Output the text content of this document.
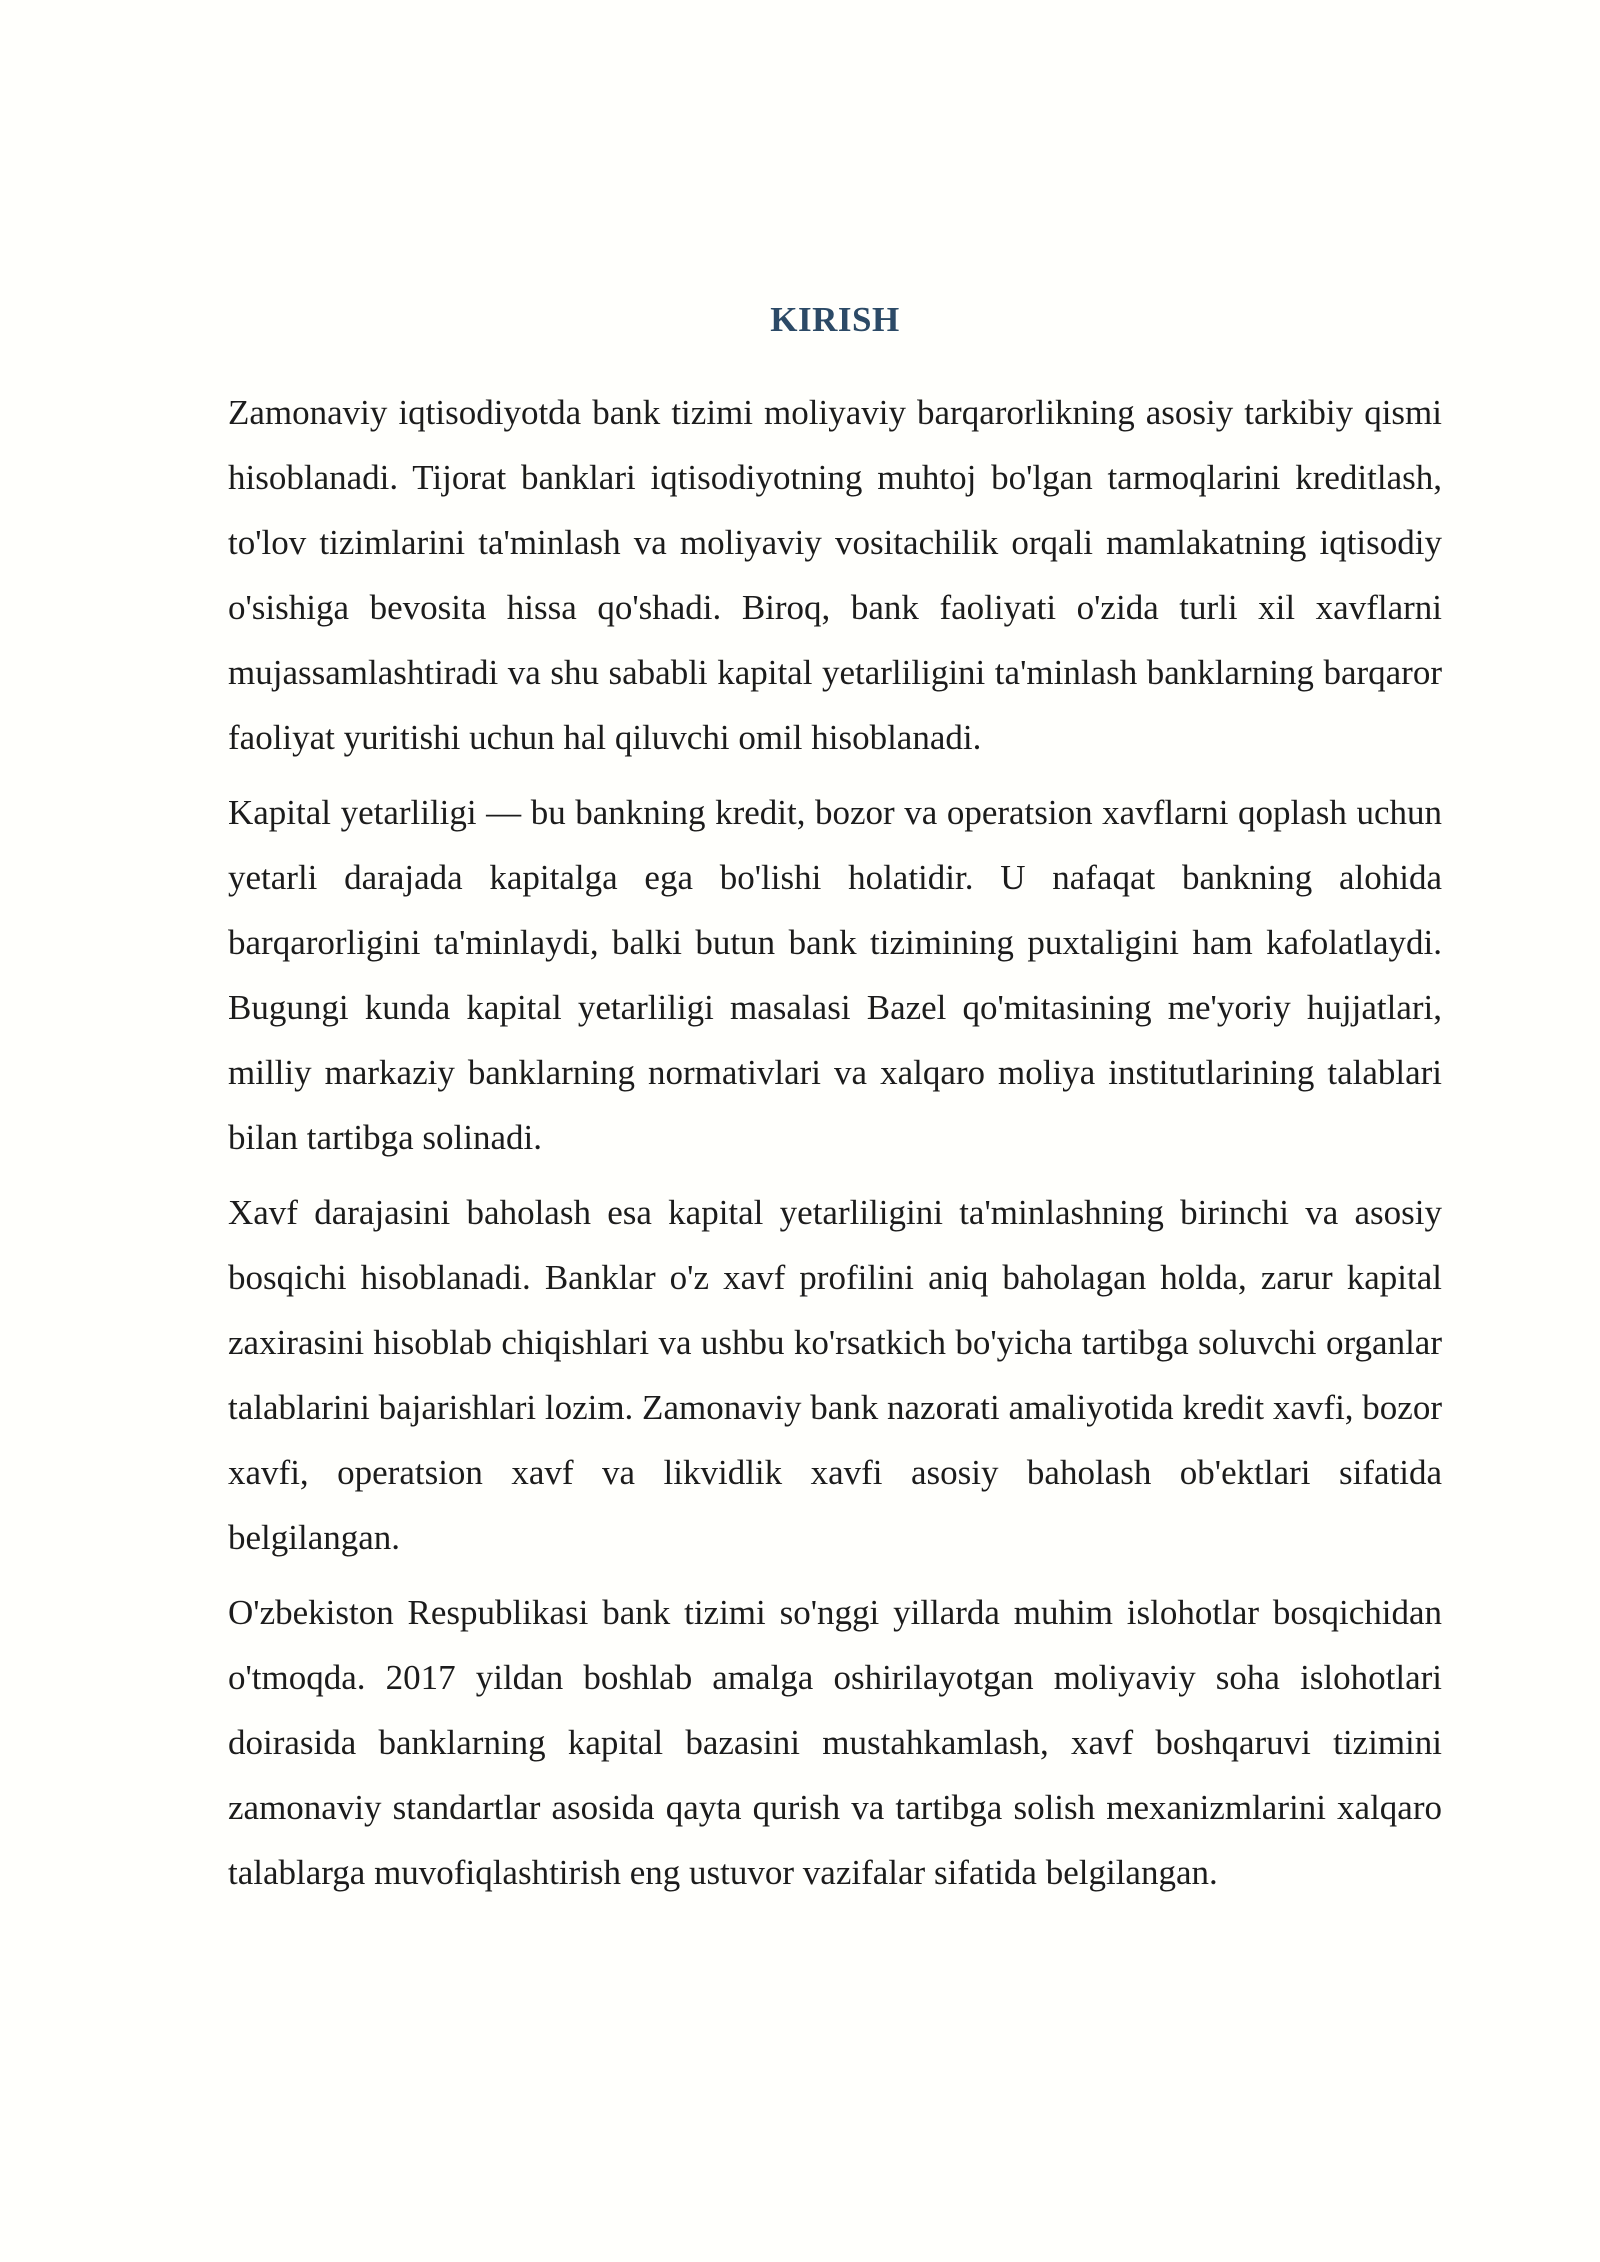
KIRISH

Zamonaviy iqtisodiyotda bank tizimi moliyaviy barqarorlikning asosiy tarkibiy qismi hisoblanadi. Tijorat banklari iqtisodiyotning muhtoj bo'lgan tarmoqlarini kreditlash, to'lov tizimlarini ta'minlash va moliyaviy vositachilik orqali mamlakatning iqtisodiy o'sishiga bevosita hissa qo'shadi. Biroq, bank faoliyati o'zida turli xil xavflarni mujassamlashtiradi va shu sababli kapital yetarliligini ta'minlash banklarning barqaror faoliyat yuritishi uchun hal qiluvchi omil hisoblanadi.

Kapital yetarliligi — bu bankning kredit, bozor va operatsion xavflarni qoplash uchun yetarli darajada kapitalga ega bo'lishi holatidir. U nafaqat bankning alohida barqarorligini ta'minlaydi, balki butun bank tizimining puxtaligini ham kafolatlaydi. Bugungi kunda kapital yetarliligi masalasi Bazel qo'mitasining me'yoriy hujjatlari, milliy markaziy banklarning normativlari va xalqaro moliya institutlarining talablari bilan tartibga solinadi.

Xavf darajasini baholash esa kapital yetarliligini ta'minlashning birinchi va asosiy bosqichi hisoblanadi. Banklar o'z xavf profilini aniq baholagan holda, zarur kapital zaxirasini hisoblab chiqishlari va ushbu ko'rsatkich bo'yicha tartibga soluvchi organlar talablarini bajarishlari lozim. Zamonaviy bank nazorati amaliyotida kredit xavfi, bozor xavfi, operatsion xavf va likvidlik xavfi asosiy baholash ob'ektlari sifatida belgilangan.

O'zbekiston Respublikasi bank tizimi so'nggi yillarda muhim islohotlar bosqichidan o'tmoqda. 2017 yildan boshlab amalga oshirilayotgan moliyaviy soha islohotlari doirasida banklarning kapital bazasini mustahkamlash, xavf boshqaruvi tizimini zamonaviy standartlar asosida qayta qurish va tartibga solish mexanizmlarini xalqaro talablarga muvofiqlashtirish eng ustuvor vazifalar sifatida belgilangan.
